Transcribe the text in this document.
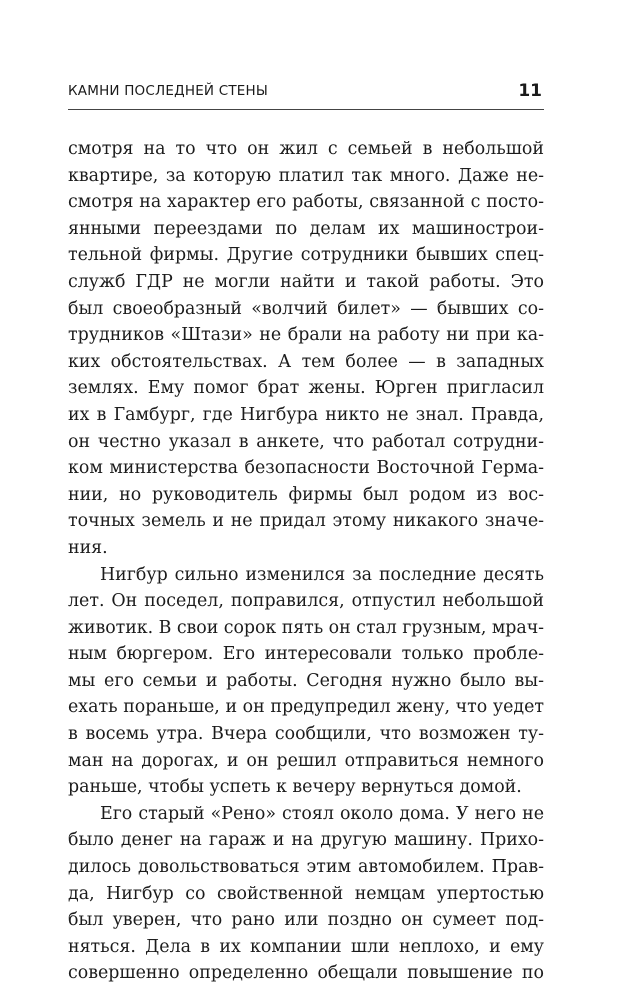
КАМНИ ПОСЛЕДНЕЙ СТЕНЫ	11
смотря на то что он жил с семьей в небольшой
квартире, за которую платил так много. Даже не-
смотря на характер его работы, связанной с посто-
янными переездами по делам их машинострои-
тельной фирмы. Другие сотрудники бывших спец-
служб ГДР не могли найти и такой работы. Это
был своеобразный «волчий билет» — бывших со-
трудников «Штази» не брали на работу ни при ка-
ких обстоятельствах. А тем более — в западных
землях. Ему помог брат жены. Юрген пригласил
их в Гамбург, где Нигбура никто не знал. Правда,
он честно указал в анкете, что работал сотрудни-
ком министерства безопасности Восточной Герма-
нии, но руководитель фирмы был родом из вос-
точных земель и не придал этому никакого значе-
ния.
Нигбур сильно изменился за последние десять
лет. Он поседел, поправился, отпустил небольшой
животик. В свои сорок пять он стал грузным, мрач-
ным бюргером. Его интересовали только пробле-
мы его семьи и работы. Сегодня нужно было вы-
ехать пораньше, и он предупредил жену, что уедет
в восемь утра. Вчера сообщили, что возможен ту-
ман на дорогах, и он решил отправиться немного
раньше, чтобы успеть к вечеру вернуться домой.
Его старый «Рено» стоял около дома. У него не
было денег на гараж и на другую машину. Прихо-
дилось довольствоваться этим автомобилем. Прав-
да, Нигбур со свойственной немцам упертостью
был уверен, что рано или поздно он сумеет под-
няться. Дела в их компании шли неплохо, и ему
совершенно определенно обещали повышение по
